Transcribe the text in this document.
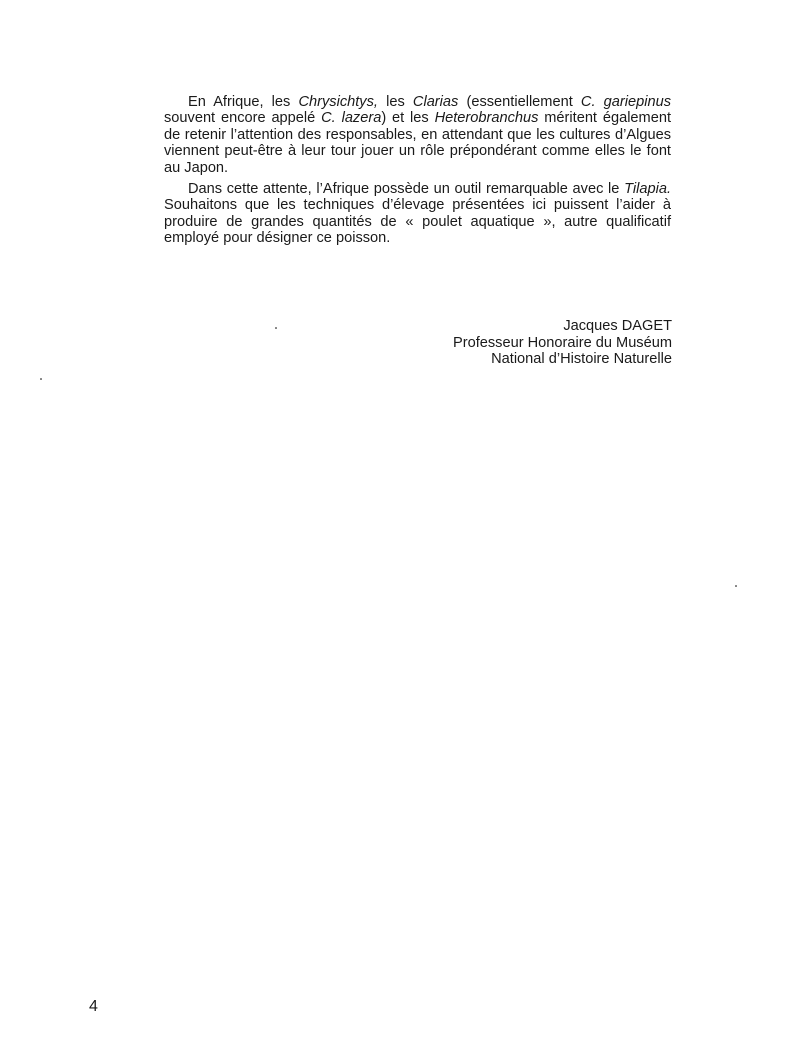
En Afrique, les Chrysichtys, les Clarias (essentiellement C. gariepinus souvent encore appelé C. lazera) et les Heterobranchus méritent également de retenir l’attention des responsables, en attendant que les cultures d’Algues viennent peut-être à leur tour jouer un rôle prépondérant comme elles le font au Japon.

Dans cette attente, l’Afrique possède un outil remarquable avec le Tilapia. Souhaitons que les techniques d’élevage présentées ici puissent l’aider à produire de grandes quantités de « poulet aquatique », autre qualificatif employé pour désigner ce poisson.

Jacques DAGET
Professeur Honoraire du Muséum
National d’Histoire Naturelle
4
